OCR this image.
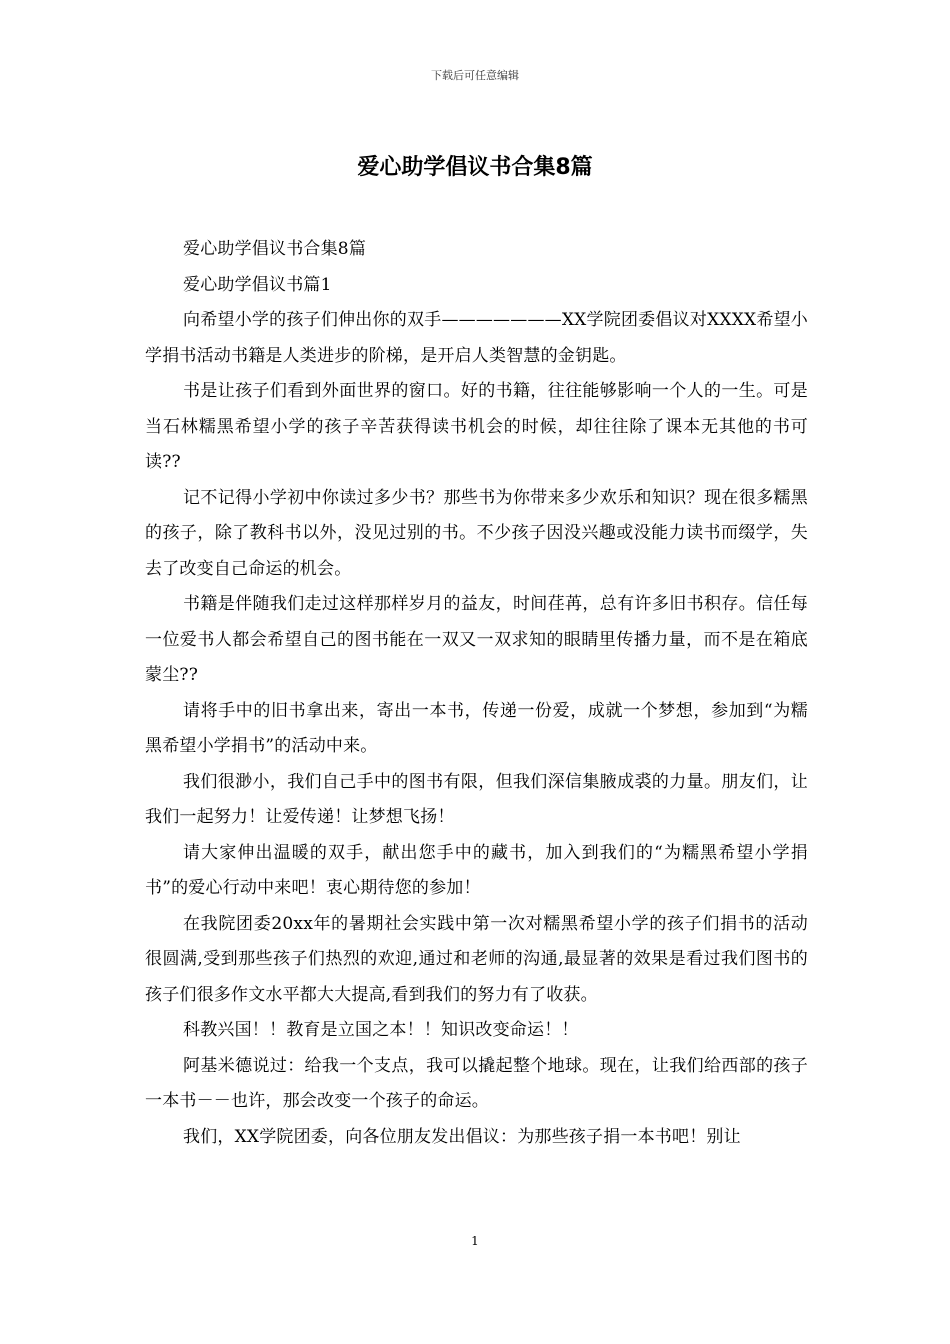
下载后可任意编辑
爱心助学倡议书合集8篇

爱心助学倡议书合集8篇

爱心助学倡议书篇1

向希望小学的孩子们伸出你的双手———————XX学院团委倡议对XXXX希望小学捐书活动书籍是人类进步的阶梯，是开启人类智慧的金钥匙。

书是让孩子们看到外面世界的窗口。好的书籍，往往能够影响一个人的一生。可是当石林糯黑希望小学的孩子辛苦获得读书机会的时候，却往往除了课本无其他的书可读??

记不记得小学初中你读过多少书？那些书为你带来多少欢乐和知识？现在很多糯黑的孩子，除了教科书以外，没见过别的书。不少孩子因没兴趣或没能力读书而缀学，失去了改变自己命运的机会。

书籍是伴随我们走过这样那样岁月的益友，时间荏苒，总有许多旧书积存。信任每一位爱书人都会希望自己的图书能在一双又一双求知的眼睛里传播力量，而不是在箱底蒙尘??

请将手中的旧书拿出来，寄出一本书，传递一份爱，成就一个梦想，参加到“为糯黑希望小学捐书”的活动中来。

我们很渺小，我们自己手中的图书有限，但我们深信集腋成裘的力量。朋友们，让我们一起努力！让爱传递！让梦想飞扬！

请大家伸出温暖的双手，献出您手中的藏书，加入到我们的“为糯黑希望小学捐书”的爱心行动中来吧！衷心期待您的参加！

在我院团委20xx年的暑期社会实践中第一次对糯黑希望小学的孩子们捐书的活动很圆满,受到那些孩子们热烈的欢迎,通过和老师的沟通,最显著的效果是看过我们图书的孩子们很多作文水平都大大提高,看到我们的努力有了收获。

科教兴国！！教育是立国之本！！知识改变命运！！

阿基米德说过：给我一个支点，我可以撬起整个地球。现在，让我们给西部的孩子一本书－－也许，那会改变一个孩子的命运。

我们，XX学院团委，向各位朋友发出倡议：为那些孩子捐一本书吧！别让

1
